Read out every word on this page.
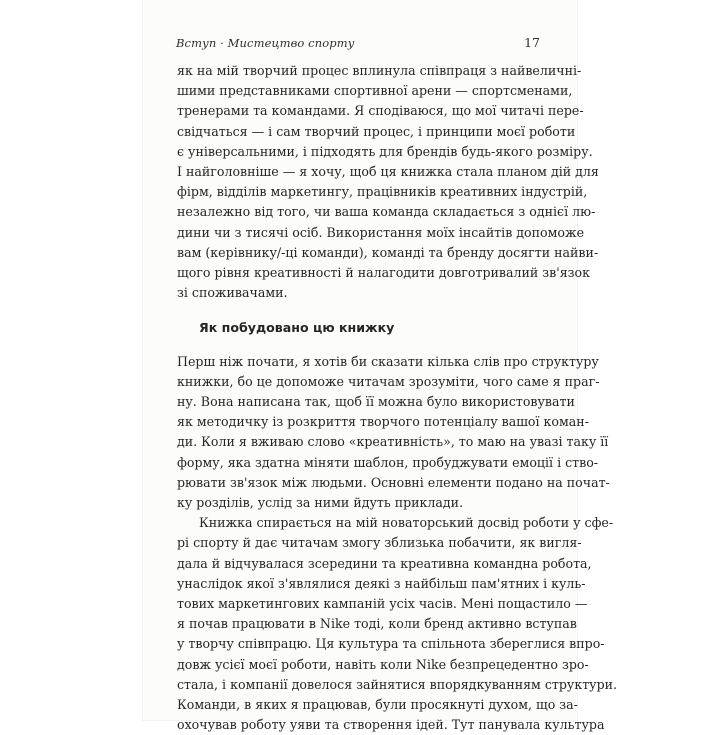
Вступ · Мистецтво спорту	17
як на мій творчий процес вплинула співпраця з найвеличні-
шими представниками спортивної арени — спортсменами,
тренерами та командами. Я сподіваюся, що мої читачі пере-
свідчаться — і сам творчий процес, і принципи моєї роботи
є універсальними, і підходять для брендів будь-якого розміру.
І найголовніше — я хочу, щоб ця книжка стала планом дій для
фірм, відділів маркетингу, працівників креативних індустрій,
незалежно від того, чи ваша команда складається з однієї лю-
дини чи з тисячі осіб. Використання моїх інсайтів допоможе
вам (керівнику/-ці команди), команді та бренду досягти найви-
щого рівня креативності й налагодити довготривалий зв'язок
зі споживачами.
Як побудовано цю книжку
Перш ніж почати, я хотів би сказати кілька слів про структуру
книжки, бо це допоможе читачам зрозуміти, чого саме я праг-
ну. Вона написана так, щоб її можна було використовувати
як методичку із розкриття творчого потенціалу вашої коман-
ди. Коли я вживаю слово «креативність», то маю на увазі таку її
форму, яка здатна міняти шаблон, пробуджувати емоції і ство-
рювати зв'язок між людьми. Основні елементи подано на почат-
ку розділів, услід за ними йдуть приклади.
Книжка спирається на мій новаторський досвід роботи у сфе-
рі спорту й дає читачам змогу зблизька побачити, як вигля-
дала й відчувалася зсередини та креативна командна робота,
унаслідок якої з'являлися деякі з найбільш пам'ятних і куль-
тових маркетингових кампаній усіх часів. Мені пощастило —
я почав працювати в Nike тоді, коли бренд активно вступав
у творчу співпрацю. Ця культура та спільнота збереглися впро-
довж усієї моєї роботи, навіть коли Nike безпрецедентно зро-
стала, і компанії довелося зайнятися впорядкуванням структури.
Команди, в яких я працював, були просякнуті духом, що за-
охочував роботу уяви та створення ідей. Тут панувала культура
